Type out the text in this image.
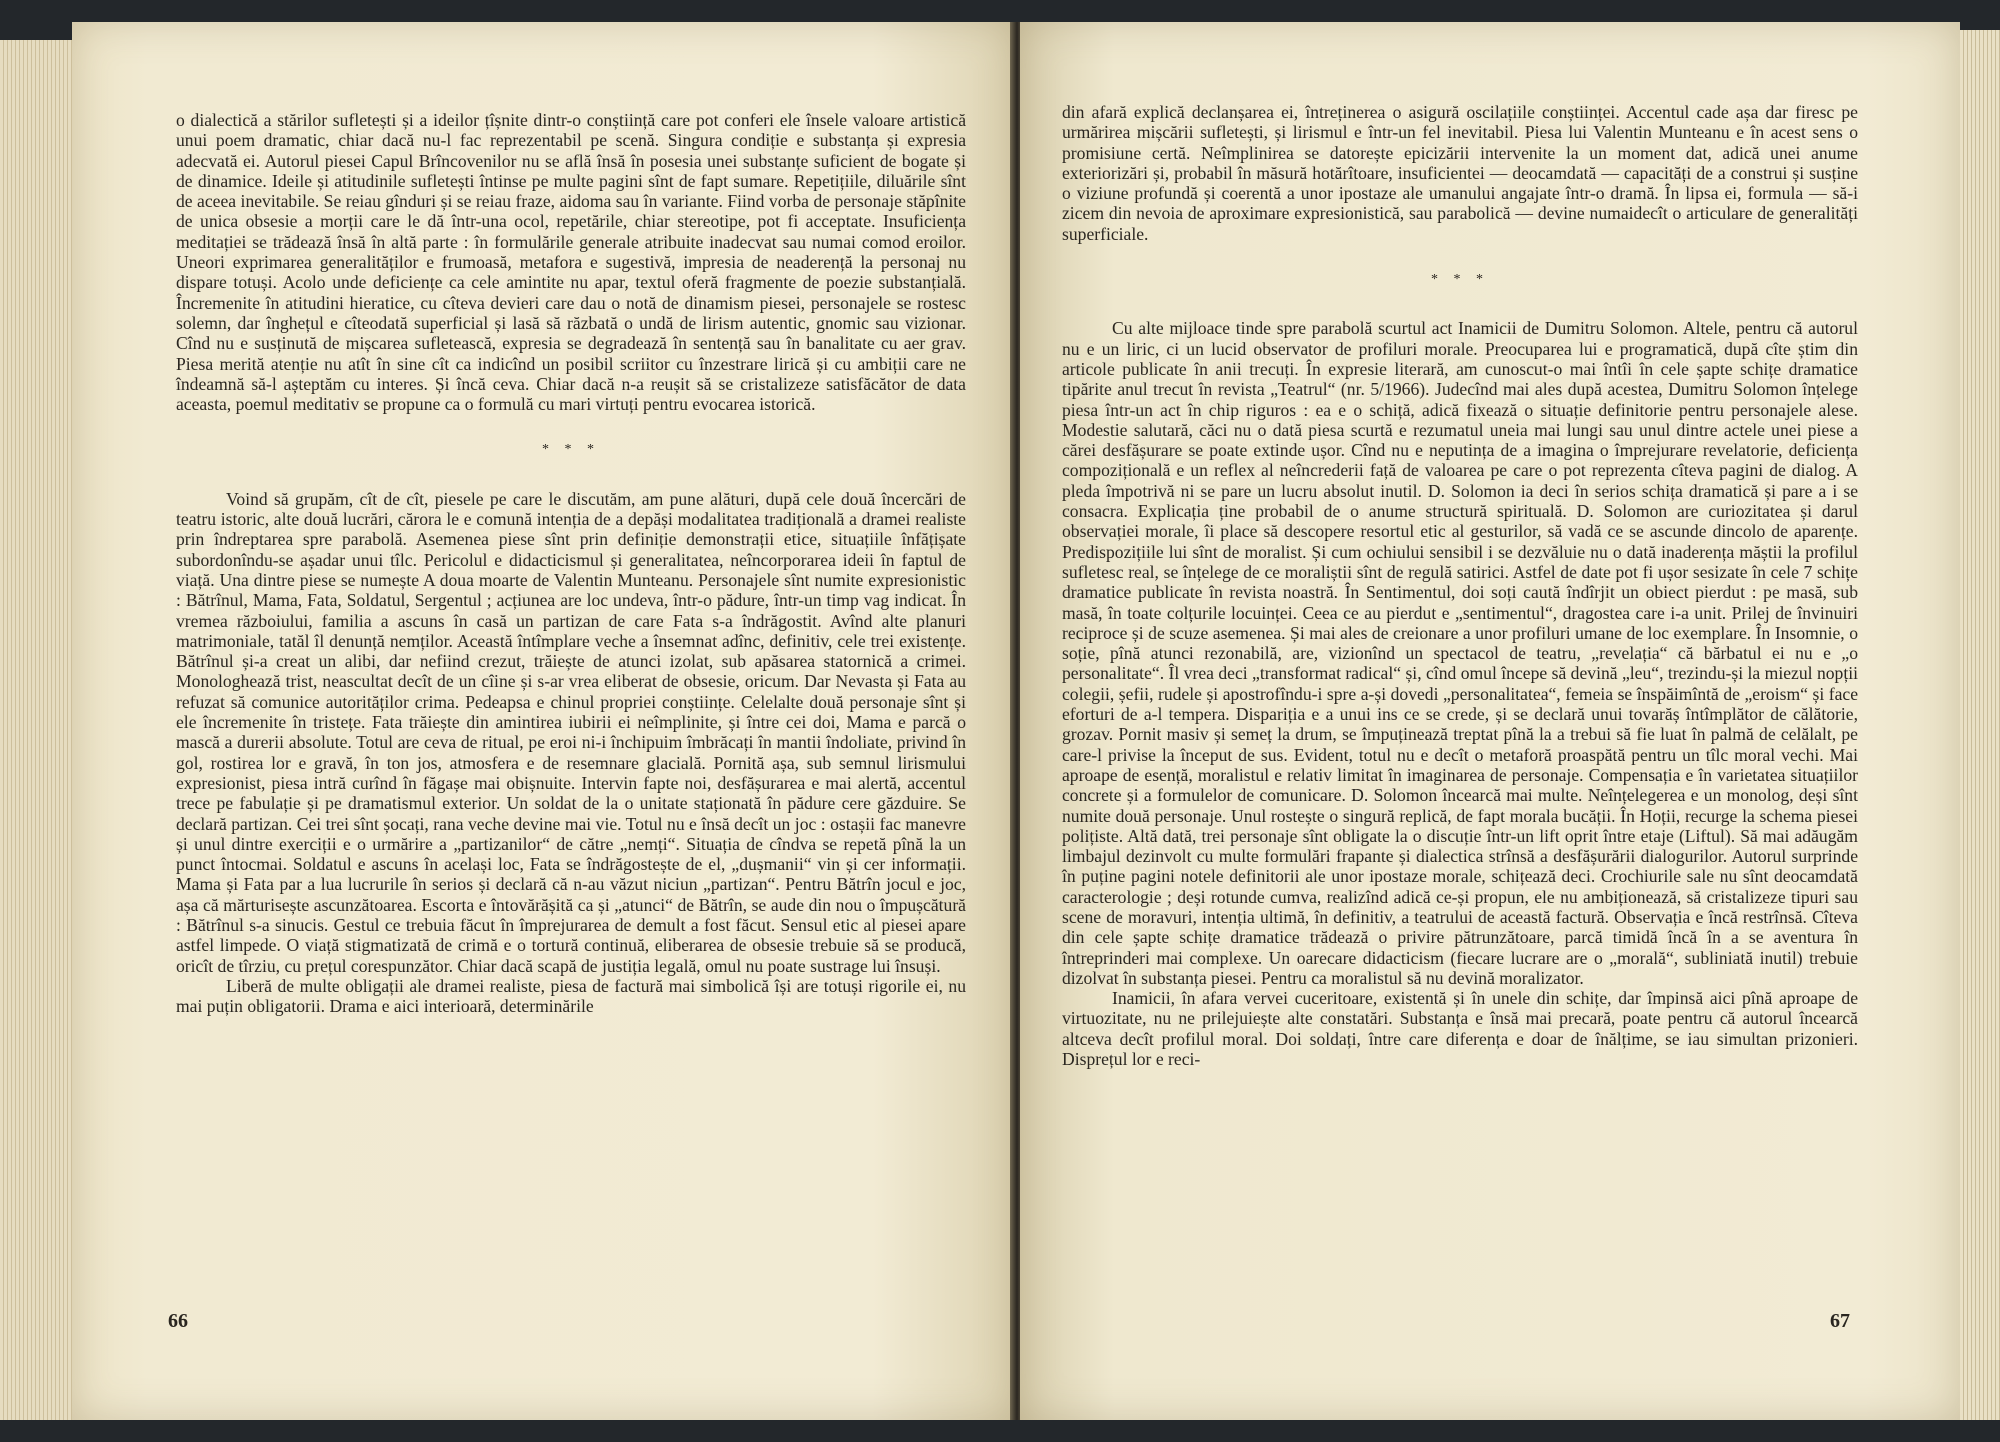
o dialectică a stărilor sufletești și a ideilor țîșnite dintr-o conștiință care pot conferi ele însele valoare artistică unui poem dramatic, chiar dacă nu-l fac reprezentabil pe scenă. Singura condiție e substanța și expresia adecvată ei. Autorul piesei Capul Brîncovenilor nu se află însă în posesia unei substanțe suficient de bogate și de dinamice. Ideile și atitudinile sufletești întinse pe multe pagini sînt de fapt sumare. Repetițiile, diluările sînt de aceea inevitabile. Se reiau gînduri și se reiau fraze, aidoma sau în variante. Fiind vorba de personaje stăpînite de unica obsesie a morții care le dă într-una ocol, repetările, chiar stereotipe, pot fi acceptate. Insuficiența meditației se trădează însă în altă parte : în formulările generale atribuite inadecvat sau numai comod eroilor. Uneori exprimarea generalităților e frumoasă, metafora e sugestivă, impresia de neaderență la personaj nu dispare totuși. Acolo unde deficiențe ca cele amintite nu apar, textul oferă fragmente de poezie substanțială. Încremenite în atitudini hieratice, cu cîteva devieri care dau o notă de dinamism piesei, personajele se rostesc solemn, dar înghețul e cîteodată superficial și lasă să răzbată o undă de lirism autentic, gnomic sau vizionar. Cînd nu e susținută de mișcarea sufletească, expresia se degradează în sentență sau în banalitate cu aer grav. Piesa merită atenție nu atît în sine cît ca indicînd un posibil scriitor cu înzestrare lirică și cu ambiții care ne îndeamnă să-l așteptăm cu interes. Și încă ceva. Chiar dacă n-a reușit să se cristalizeze satisfăcător de data aceasta, poemul meditativ se propune ca o formulă cu mari virtuți pentru evocarea istorică.

* * *

Voind să grupăm, cît de cît, piesele pe care le discutăm, am pune alături, după cele două încercări de teatru istoric, alte două lucrări, cărora le e comună intenția de a depăși modalitatea tradițională a dramei realiste prin îndreptarea spre parabolă. Asemenea piese sînt prin definiție demonstrații etice, situațiile înfățișate subordonîndu-se așadar unui tîlc. Pericolul e didacticismul și generalitatea, neîncorporarea ideii în faptul de viață. Una dintre piese se numește A doua moarte de Valentin Munteanu. Personajele sînt numite expresionistic : Bătrînul, Mama, Fata, Soldatul, Sergentul ; acțiunea are loc undeva, într-o pădure, într-un timp vag indicat. În vremea războiului, familia a ascuns în casă un partizan de care Fata s-a îndrăgostit. Avînd alte planuri matrimoniale, tatăl îl denunță nemților. Această întîmplare veche a însemnat adînc, definitiv, cele trei existențe. Bătrînul și-a creat un alibi, dar nefiind crezut, trăiește de atunci izolat, sub apăsarea statornică a crimei. Monologhează trist, neascultat decît de un cîine și s-ar vrea eliberat de obsesie, oricum. Dar Nevasta și Fata au refuzat să comunice autorităților crima. Pedeapsa e chinul propriei conștiințe. Celelalte două personaje sînt și ele încremenite în tristețe. Fata trăiește din amintirea iubirii ei neîmplinite, și între cei doi, Mama e parcă o mască a durerii absolute. Totul are ceva de ritual, pe eroi ni-i închipuim îmbrăcați în mantii îndoliate, privind în gol, rostirea lor e gravă, în ton jos, atmosfera e de resemnare glacială. Pornită așa, sub semnul lirismului expresionist, piesa intră curînd în făgașe mai obișnuite. Intervin fapte noi, desfășurarea e mai alertă, accentul trece pe fabulație și pe dramatismul exterior. Un soldat de la o unitate staționată în pădure cere găzduire. Se declară partizan. Cei trei sînt șocați, rana veche devine mai vie. Totul nu e însă decît un joc : ostașii fac manevre și unul dintre exerciții e o urmărire a „partizanilor“ de către „nemți“. Situația de cîndva se repetă pînă la un punct întocmai. Soldatul e ascuns în același loc, Fata se îndrăgostește de el, „dușmanii“ vin și cer informații. Mama și Fata par a lua lucrurile în serios și declară că n-au văzut niciun „partizan“. Pentru Bătrîn jocul e joc, așa că mărturisește ascunzătoarea. Escorta e întovărășită ca și „atunci“ de Bătrîn, se aude din nou o împușcătură : Bătrînul s-a sinucis. Gestul ce trebuia făcut în împrejurarea de demult a fost făcut. Sensul etic al piesei apare astfel limpede. O viață stigmatizată de crimă e o tortură continuă, eliberarea de obsesie trebuie să se producă, oricît de tîrziu, cu prețul corespunzător. Chiar dacă scapă de justiția legală, omul nu poate sustrage lui însuși.

Liberă de multe obligații ale dramei realiste, piesa de factură mai simbolică își are totuși rigorile ei, nu mai puțin obligatorii. Drama e aici interioară, determinările

66

din afară explică declanșarea ei, întreținerea o asigură oscilațiile conștiinței. Accentul cade așa dar firesc pe urmărirea mișcării sufletești, și lirismul e într-un fel inevitabil. Piesa lui Valentin Munteanu e în acest sens o promisiune certă. Neîmplinirea se datorește epicizării intervenite la un moment dat, adică unei anume exteriorizări și, probabil în măsură hotărîtoare, insuficientei — deocamdată — capacități de a construi și susține o viziune profundă și coerentă a unor ipostaze ale umanului angajate într-o dramă. În lipsa ei, formula — să-i zicem din nevoia de aproximare expresionistică, sau parabolică — devine numaidecît o articulare de generalități superficiale.

* * *

Cu alte mijloace tinde spre parabolă scurtul act Inamicii de Dumitru Solomon. Altele, pentru că autorul nu e un liric, ci un lucid observator de profiluri morale. Preocuparea lui e programatică, după cîte știm din articole publicate în anii trecuți. În expresie literară, am cunoscut-o mai întîi în cele șapte schițe dramatice tipărite anul trecut în revista „Teatrul“ (nr. 5/1966). Judecînd mai ales după acestea, Dumitru Solomon înțelege piesa într-un act în chip riguros : ea e o schiță, adică fixează o situație definitorie pentru personajele alese. Modestie salutară, căci nu o dată piesa scurtă e rezumatul uneia mai lungi sau unul dintre actele unei piese a cărei desfășurare se poate extinde ușor. Cînd nu e neputința de a imagina o împrejurare revelatorie, deficiența compozițională e un reflex al neîncrederii față de valoarea pe care o pot reprezenta cîteva pagini de dialog. A pleda împotrivă ni se pare un lucru absolut inutil. D. Solomon ia deci în serios schița dramatică și pare a i se consacra. Explicația ține probabil de o anume structură spirituală. D. Solomon are curiozitatea și darul observației morale, îi place să descopere resortul etic al gesturilor, să vadă ce se ascunde dincolo de aparențe. Predispozițiile lui sînt de moralist. Și cum ochiului sensibil i se dezvăluie nu o dată inaderența măștii la profilul sufletesc real, se înțelege de ce moraliștii sînt de regulă satirici. Astfel de date pot fi ușor sesizate în cele 7 schițe dramatice publicate în revista noastră. În Sentimentul, doi soți caută îndîrjit un obiect pierdut : pe masă, sub masă, în toate colțurile locuinței. Ceea ce au pierdut e „sentimentul“, dragostea care i-a unit. Prilej de învinuiri reciproce și de scuze asemenea. Și mai ales de creionare a unor profiluri umane de loc exemplare. În Insomnie, o soție, pînă atunci rezonabilă, are, vizionînd un spectacol de teatru, „revelația“ că bărbatul ei nu e „o personalitate“. Îl vrea deci „transformat radical“ și, cînd omul începe să devină „leu“, trezindu-și la miezul nopții colegii, șefii, rudele și apostrofîndu-i spre a-și dovedi „personalitatea“, femeia se înspăimîntă de „eroism“ și face eforturi de a-l tempera. Dispariția e a unui ins ce se crede, și se declară unui tovarăș întîmplător de călătorie, grozav. Pornit masiv și semeț la drum, se împuținează treptat pînă la a trebui să fie luat în palmă de celălalt, pe care-l privise la început de sus. Evident, totul nu e decît o metaforă proaspătă pentru un tîlc moral vechi. Mai aproape de esență, moralistul e relativ limitat în imaginarea de personaje. Compensația e în varietatea situațiilor concrete și a formulelor de comunicare. D. Solomon încearcă mai multe. Neînțelegerea e un monolog, deși sînt numite două personaje. Unul rostește o singură replică, de fapt morala bucății. În Hoții, recurge la schema piesei polițiste. Altă dată, trei personaje sînt obligate la o discuție într-un lift oprit între etaje (Liftul). Să mai adăugăm limbajul dezinvolt cu multe formulări frapante și dialectica strînsă a desfășurării dialogurilor. Autorul surprinde în puține pagini notele definitorii ale unor ipostaze morale, schițează deci. Crochiurile sale nu sînt deocamdată caracterologie ; deși rotunde cumva, realizînd adică ce-și propun, ele nu ambiționează, să cristalizeze tipuri sau scene de moravuri, intenția ultimă, în definitiv, a teatrului de această factură. Observația e încă restrînsă. Cîteva din cele șapte schițe dramatice trădează o privire pătrunzătoare, parcă timidă încă în a se aventura în întreprinderi mai complexe. Un oarecare didacticism (fiecare lucrare are o „morală“, subliniată inutil) trebuie dizolvat în substanța piesei. Pentru ca moralistul să nu devină moralizator.

Inamicii, în afara vervei cuceritoare, existentă și în unele din schițe, dar împinsă aici pînă aproape de virtuozitate, nu ne prilejuiește alte constatări. Substanța e însă mai precară, poate pentru că autorul încearcă altceva decît profilul moral. Doi soldați, între care diferența e doar de înălțime, se iau simultan prizonieri. Disprețul lor e reci-

67
